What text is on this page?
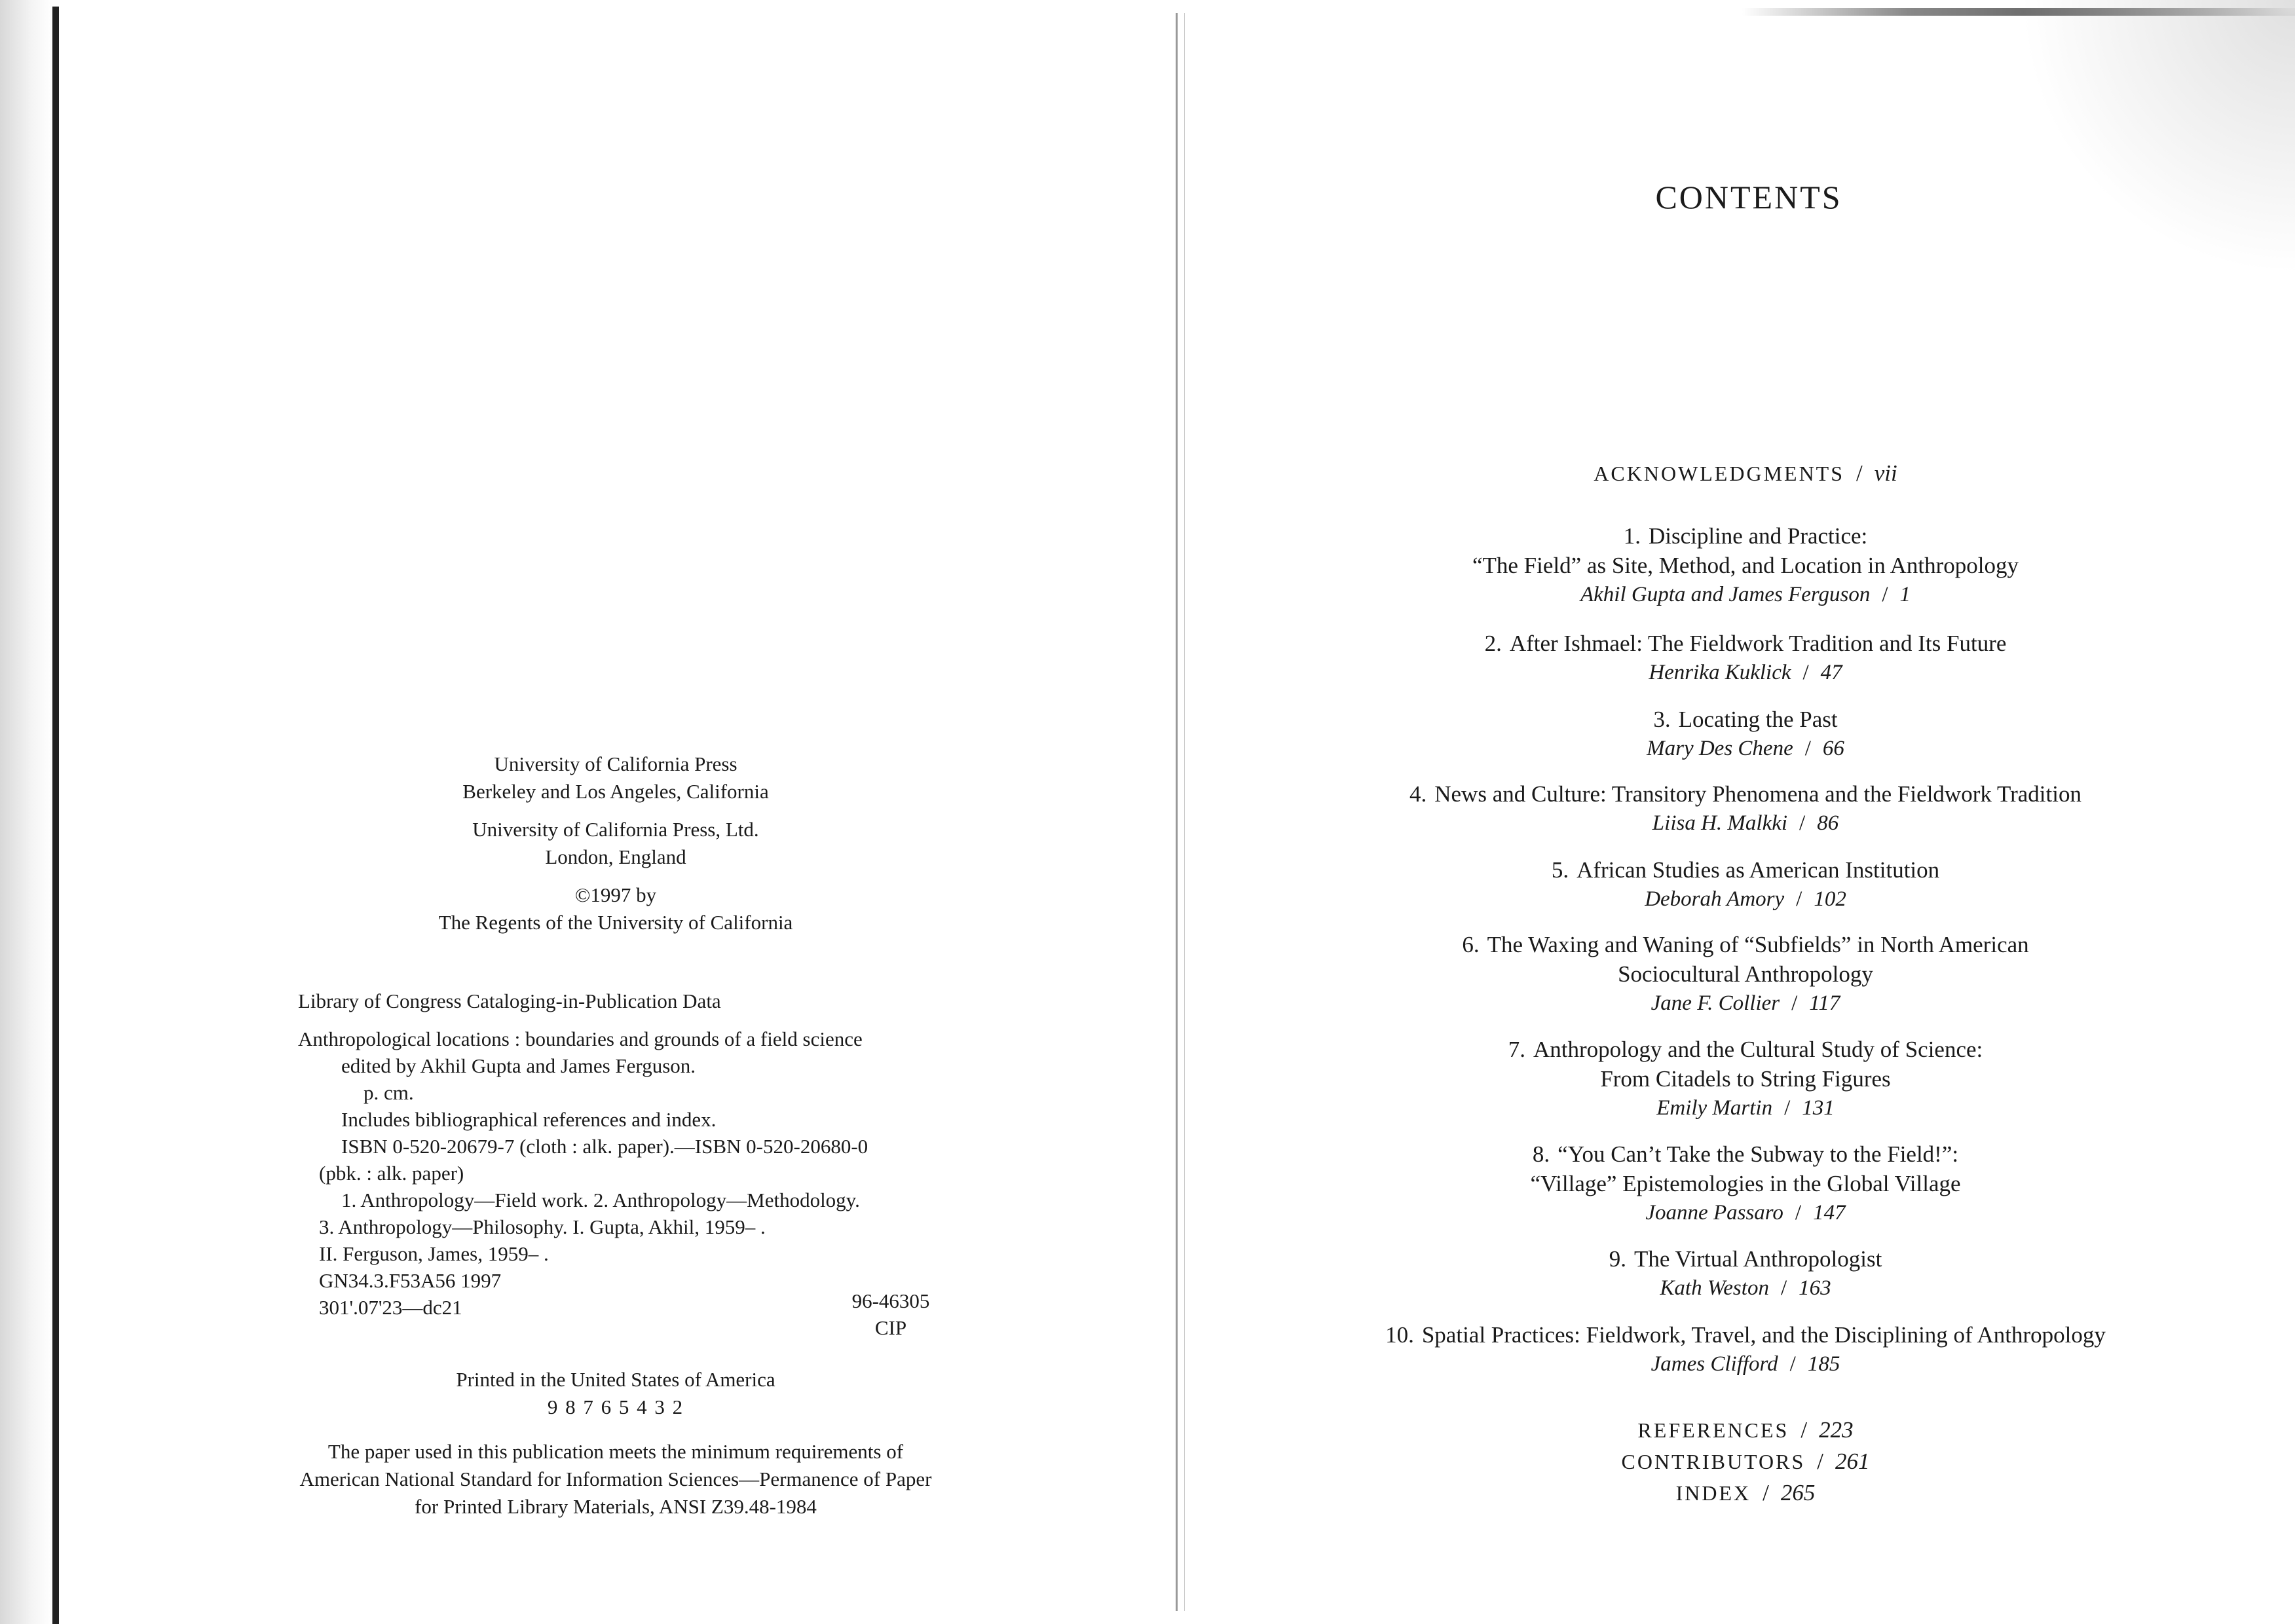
University of California Press
Berkeley and Los Angeles, California
University of California Press, Ltd.
London, England
©1997 by
The Regents of the University of California
Library of Congress Cataloging-in-Publication Data
Anthropological locations : boundaries and grounds of a field science
edited by Akhil Gupta and James Ferguson.
p. cm.
Includes bibliographical references and index.
ISBN 0-520-20679-7 (cloth : alk. paper).—ISBN 0-520-20680-0
(pbk. : alk. paper)
1. Anthropology—Field work. 2. Anthropology—Methodology.
3. Anthropology—Philosophy. I. Gupta, Akhil, 1959– .
II. Ferguson, James, 1959– .
GN34.3.F53A56 1997
301'.07'23—dc21	96-46305
CIP
Printed in the United States of America
9 8 7 6 5 4 3 2
The paper used in this publication meets the minimum requirements of
American National Standard for Information Sciences—Permanence of Paper
for Printed Library Materials, ANSI Z39.48-1984
CONTENTS
ACKNOWLEDGMENTS / vii
1. Discipline and Practice:
“The Field” as Site, Method, and Location in Anthropology
Akhil Gupta and James Ferguson / 1
2. After Ishmael: The Fieldwork Tradition and Its Future
Henrika Kuklick / 47
3. Locating the Past
Mary Des Chene / 66
4. News and Culture: Transitory Phenomena and the Fieldwork Tradition
Liisa H. Malkki / 86
5. African Studies as American Institution
Deborah Amory / 102
6. The Waxing and Waning of “Subfields” in North American
Sociocultural Anthropology
Jane F. Collier / 117
7. Anthropology and the Cultural Study of Science:
From Citadels to String Figures
Emily Martin / 131
8. “You Can’t Take the Subway to the Field!”:
“Village” Epistemologies in the Global Village
Joanne Passaro / 147
9. The Virtual Anthropologist
Kath Weston / 163
10. Spatial Practices: Fieldwork, Travel, and the Disciplining of Anthropology
James Clifford / 185
REFERENCES / 223
CONTRIBUTORS / 261
INDEX / 265
